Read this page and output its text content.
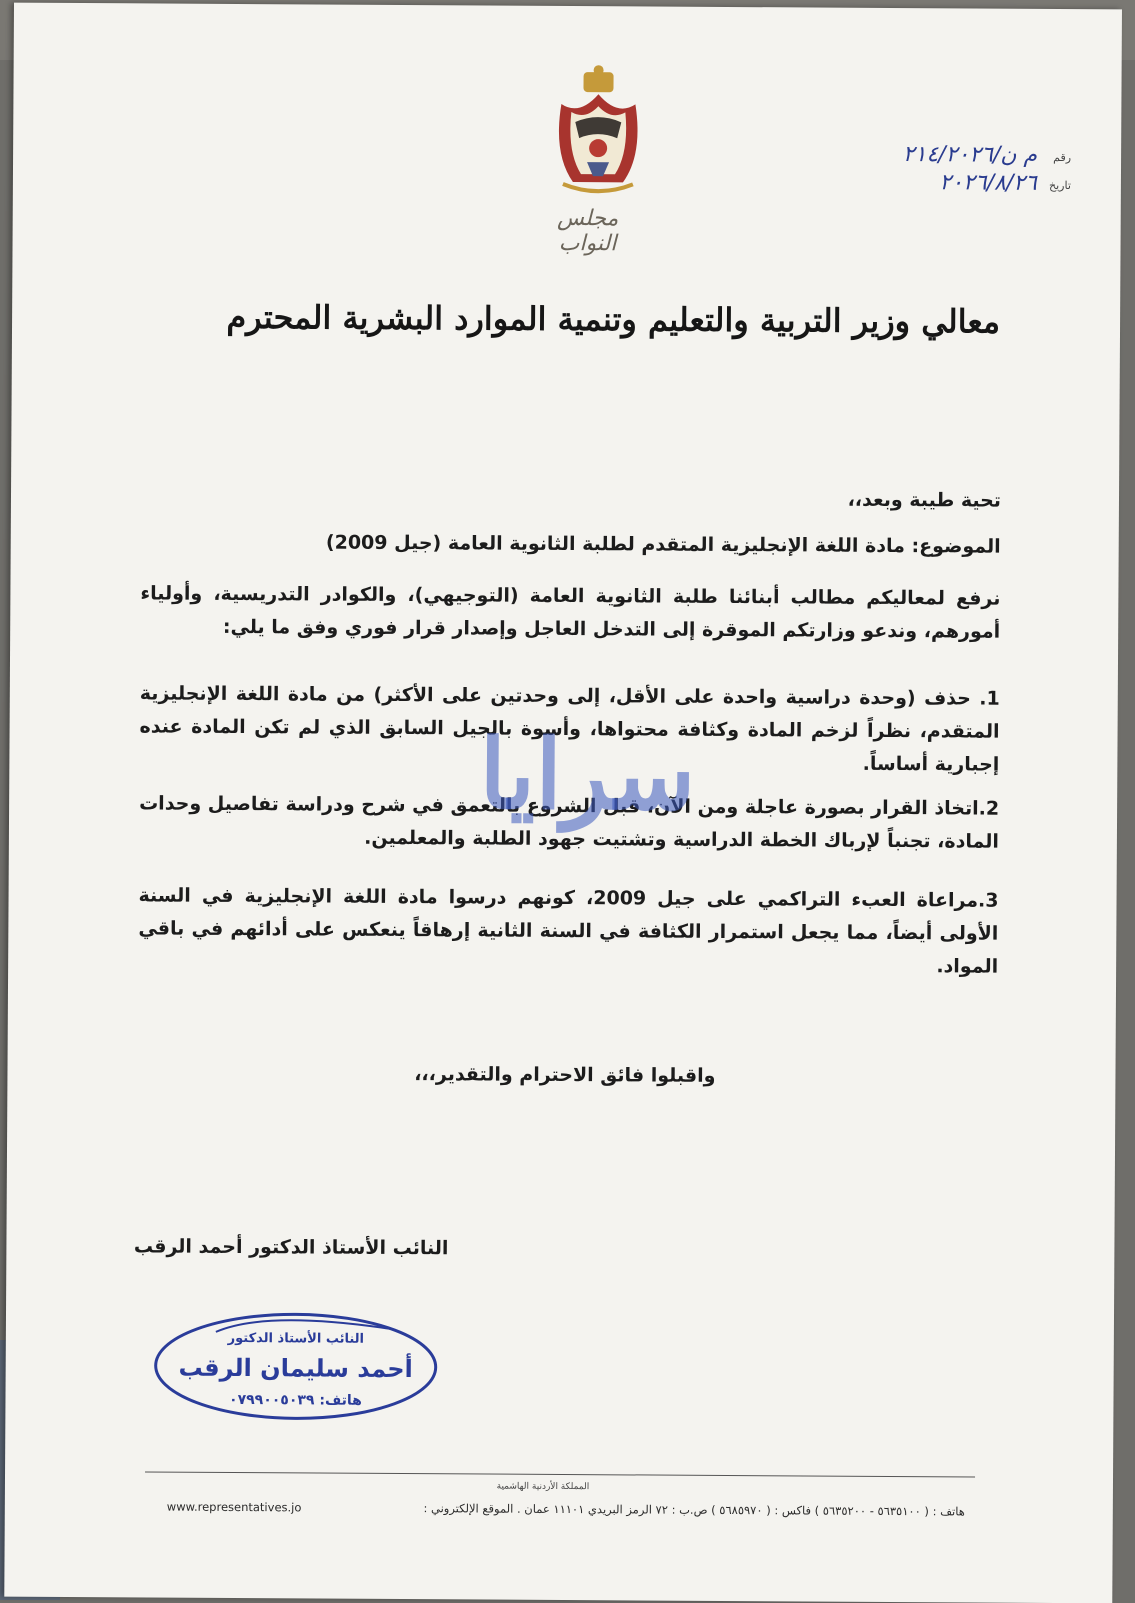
مجلس النواب
رقم
م ن/٢١٤/٢٠٢٦
تاريخ
٢٠٢٦/٨/٢٦
معالي وزير التربية والتعليم وتنمية الموارد البشرية المحترم

تحية طيبة وبعد،،

الموضوع: مادة اللغة الإنجليزية المتقدم لطلبة الثانوية العامة (جيل 2009)

نرفع لمعاليكم مطالب أبنائنا طلبة الثانوية العامة (التوجيهي)، والكوادر التدريسية، وأولياء أمورهم، وندعو وزارتكم الموقرة إلى التدخل العاجل وإصدار قرار فوري وفق ما يلي:

1. حذف (وحدة دراسية واحدة على الأقل، إلى وحدتين على الأكثر) من مادة اللغة الإنجليزية المتقدم، نظراً لزخم المادة وكثافة محتواها، وأسوة بالجيل السابق الذي لم تكن المادة عنده إجبارية أساساً.

2.اتخاذ القرار بصورة عاجلة ومن الآن، قبل الشروع بالتعمق في شرح ودراسة تفاصيل وحدات المادة، تجنباً لإرباك الخطة الدراسية وتشتيت جهود الطلبة والمعلمين.

3.مراعاة العبء التراكمي على جيل 2009، كونهم درسوا مادة اللغة الإنجليزية في السنة الأولى أيضاً، مما يجعل استمرار الكثافة في السنة الثانية إرهاقاً ينعكس على أدائهم في باقي المواد.

واقبلوا فائق الاحترام والتقدير،،،
النائب الأستاذ الدكتور أحمد الرقب
سرايا
النائب الأستاذ الدكتور
أحمد سليمان الرقب
هاتف: ٠٧٩٩٠٠٥٠٣٩
المملكة الأردنية الهاشمية
هاتف : ( ٥٦٣٥١٠٠ - ٥٦٣٥٢٠٠ ) فاكس : ( ٥٦٨٥٩٧٠ ) ص.ب : ٧٢ الرمز البريدي ١١١٠١ عمان . الموقع الإلكتروني :
www.representatives.jo
